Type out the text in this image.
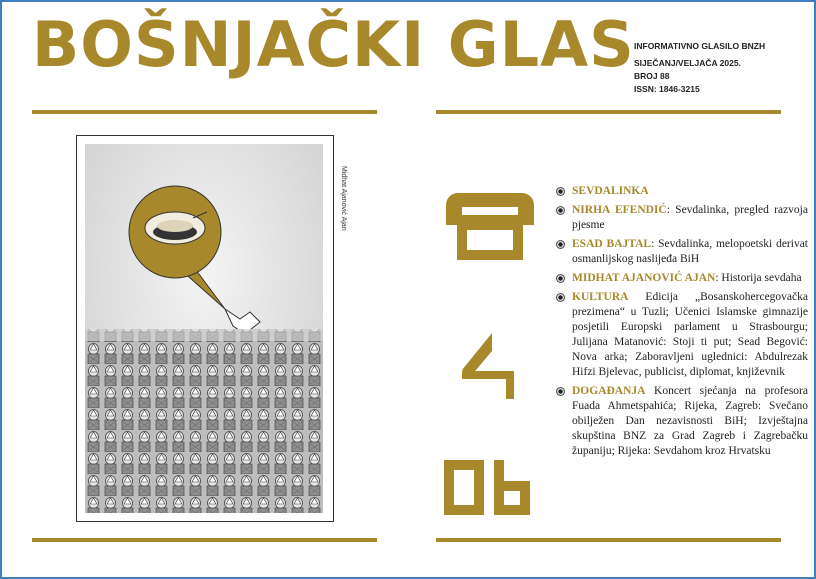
BOŠNJAČKI GLAS INFORMATIVNO GLASILO BNZH
SIJEČANJ/VELJAČA 2025.
BROJ 88
ISSN: 1846-3215
Midhat Ajanović Ajan	SEVDALINKA
NIRHA EFENDIĆ: Sevdalinka, pregled razvoja pjesme
ESAD BAJTAL: Sevdalinka, melopoetski derivat osmanlijskog naslijeđa BiH
MIDHAT AJANOVIĆ AJAN: Historija sevdaha
KULTURA Edicija „Bosanskohercegovačka prezimena“ u Tuzli; Učenici Islamske gimnazije posjetili Europski parlament u Strasbourgu; Julijana Matanović: Stoji ti put; Sead Begović: Nova arka; Zaboravljeni uglednici: Abdulrezak Hifzi Bjelevac, publicist, diplomat, književnik
DOGAĐANJA Koncert sjećanja na profesora Fuada Ahmetspahića; Rijeka, Zagreb: Svečano obilježen Dan nezavisnosti BiH; Izvještajna skupština BNZ za Grad Zagreb i Zagrebačku županiju; Rijeka: Sevdahom kroz Hrvatsku
